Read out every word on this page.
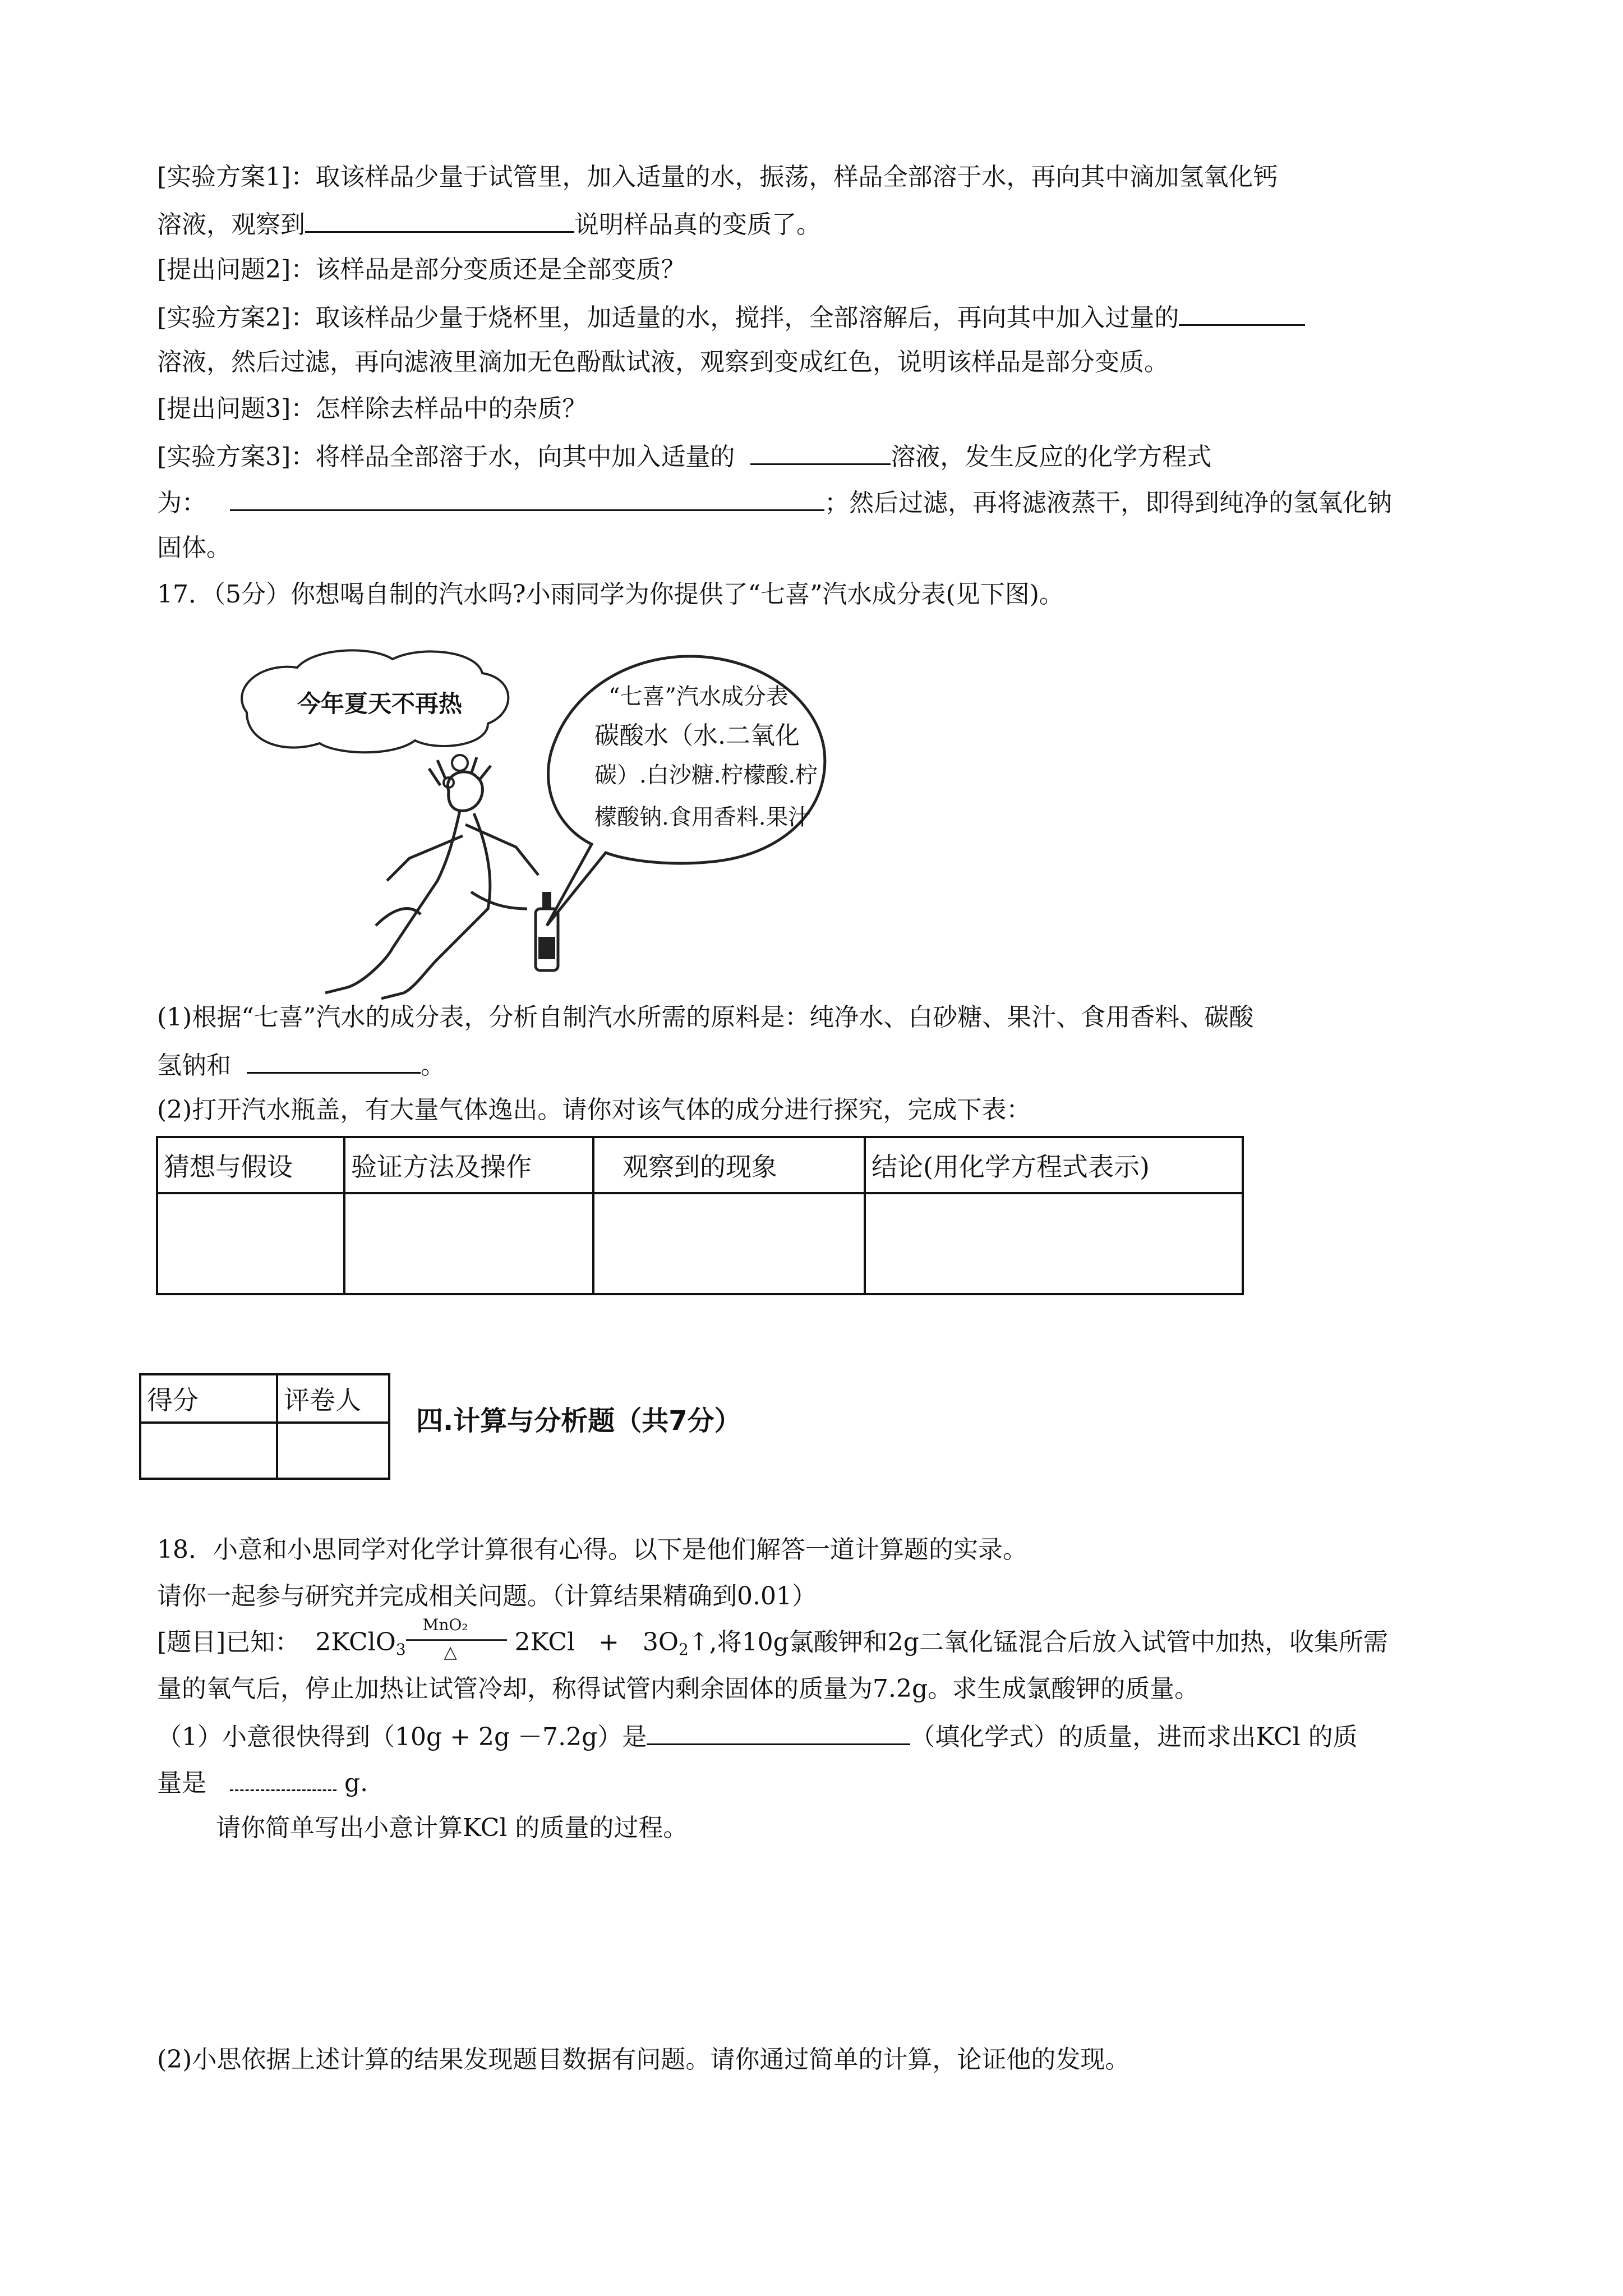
[实验方案1]：取该样品少量于试管里，加入适量的水，振荡，样品全部溶于水，再向其中滴加氢氧化钙
溶液，观察到	说明样品真的变质了。
[提出问题2]：该样品是部分变质还是全部变质？
[实验方案2]：取该样品少量于烧杯里，加适量的水，搅拌，全部溶解后，再向其中加入过量的
溶液，然后过滤，再向滤液里滴加无色酚酞试液，观察到变成红色，说明该样品是部分变质。
[提出问题3]：怎样除去样品中的杂质？
[实验方案3]：将样品全部溶于水，向其中加入适量的	溶液，发生反应的化学方程式
为：	；然后过滤，再将滤液蒸干，即得到纯净的氢氧化钠
固体。
17．（5分）你想喝自制的汽水吗?小雨同学为你提供了“七喜”汽水成分表(见下图)。
今年夏天不再热	“七喜”汽水成分表
碳酸水（水.二氧化
碳）.白沙糖.柠檬酸.柠
檬酸钠.食用香料.果汁
(1)根据“七喜”汽水的成分表，分析自制汽水所需的原料是：纯净水、白砂糖、果汁、食用香料、碳酸
氢钠和	。
(2)打开汽水瓶盖，有大量气体逸出。请你对该气体的成分进行探究，完成下表：
猜想与假设	验证方法及操作	观察到的现象	结论(用化学方程式表示)

得分	评卷人

四.计算与分析题（共7分）
18．小意和小思同学对化学计算很有心得。以下是他们解答一道计算题的实录。
请你一起参与研究并完成相关问题。（计算结果精确到0.01）
[题目]已知： 2KClO$_3$
MnO₂
△ $2KCl + 3O_2↑$,将10g氯酸钾和2g二氧化锰混合后放入试管中加热，收集所需
量的氧气后，停止加热让试管冷却，称得试管内剩余固体的质量为7.2g。求生成氯酸钾的质量。
（1）小意很快得到（10g + 2g －7.2g）是	（填化学式）的质量，进而求出KCl 的质
量是	g.
请你简单写出小意计算KCl 的质量的过程。
(2)小思依据上述计算的结果发现题目数据有问题。请你通过简单的计算，论证他的发现。
